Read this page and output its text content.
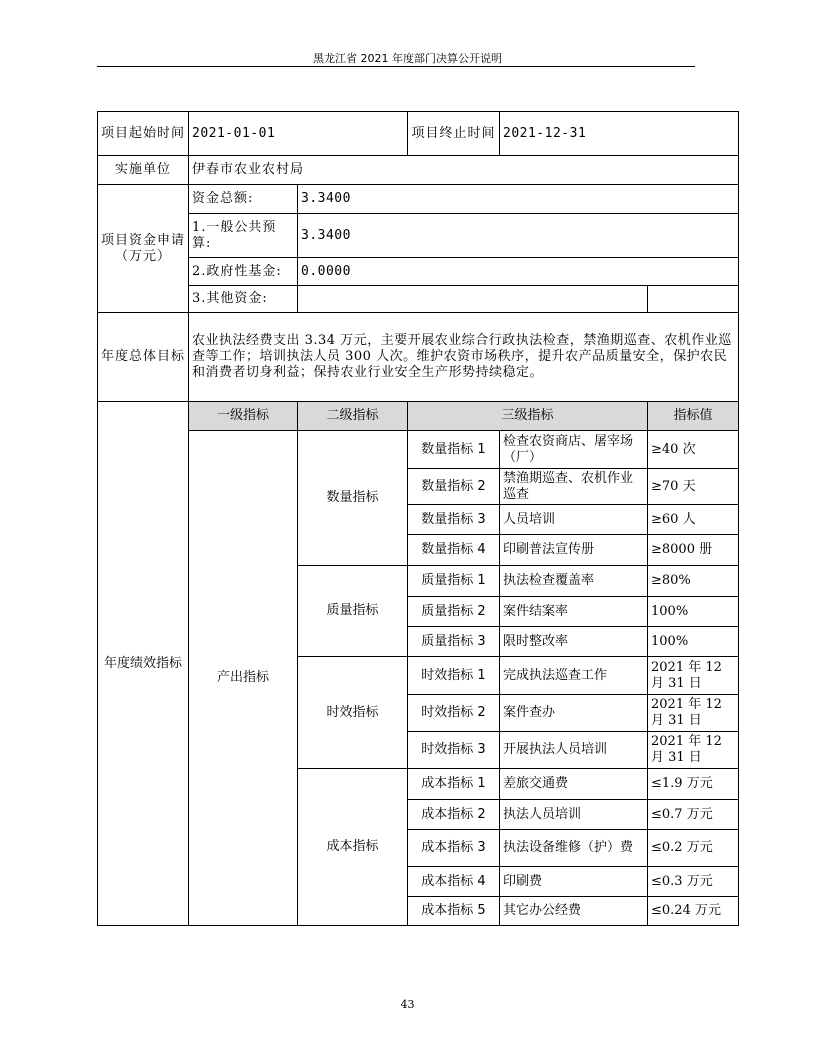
黑龙江省 2021 年度部门决算公开说明
项目起始时间	2021-01-01		项目终止时间	2021-12-31	
实施单位	伊春市农业农村局				
项目资金申请（万元）	资金总额:	3.3400			
	1.一般公共预算:	3.3400			
	2.政府性基金:	0.0000			
	3.其他资金:				
年度总体目标	农业执法经费支出 3.34 万元，主要开展农业综合行政执法检查，禁渔期巡查、农机作业巡查等工作；培训执法人员 300 人次。维护农资市场秩序，提升农产品质量安全，保护农民和消费者切身利益；保持农业行业安全生产形势持续稳定。				
年度绩效指标	一级指标	二级指标	三级指标		指标值
	产出指标	数量指标	数量指标 1	检查农资商店、屠宰场（厂）	≥40 次
			数量指标 2	禁渔期巡查、农机作业巡查	≥70 天
			数量指标 3	人员培训	≥60 人
			数量指标 4	印刷普法宣传册	≥8000 册
		质量指标	质量指标 1	执法检查覆盖率	≥80%
			质量指标 2	案件结案率	100%
			质量指标 3	限时整改率	100%
		时效指标	时效指标 1	完成执法巡查工作	2021 年 12 月 31 日
			时效指标 2	案件查办	2021 年 12 月 31 日
			时效指标 3	开展执法人员培训	2021 年 12 月 31 日
		成本指标	成本指标 1	差旅交通费	≤1.9 万元
			成本指标 2	执法人员培训	≤0.7 万元
			成本指标 3	执法设备维修（护）费	≤0.2 万元
			成本指标 4	印刷费	≤0.3 万元
			成本指标 5	其它办公经费	≤0.24 万元
43
